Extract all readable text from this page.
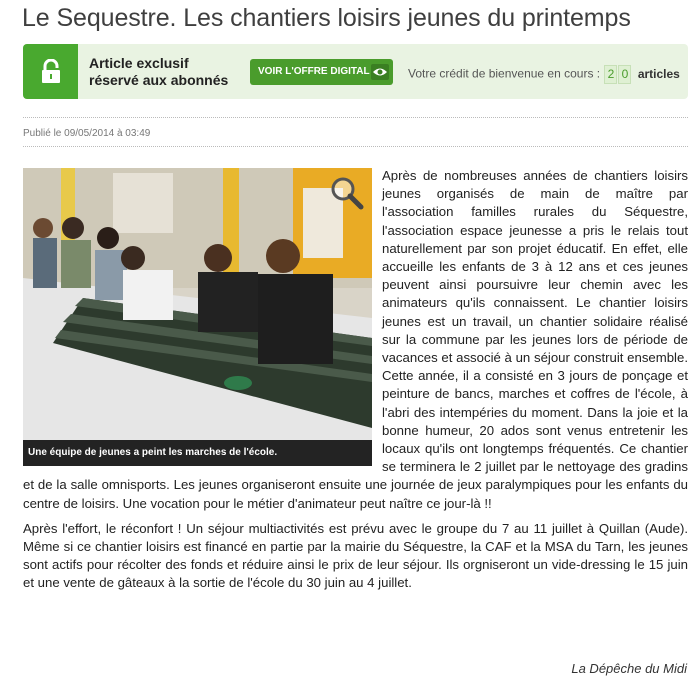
Le Sequestre. Les chantiers loisirs jeunes du printemps
Article exclusif
réservé aux abonnés
VOIR L'OFFRE DIGITAL	Votre crédit de bienvenue en cours : 2 0 articles
Publié le 09/05/2014 à 03:49
Une équipe de jeunes a peint les marches de l'école.

Après de nombreuses années de chantiers loisirs jeunes organisés de main de maître par l'association familles rurales du Séquestre, l'association espace jeunesse a pris le relais tout naturellement par son projet éducatif. En effet, elle accueille les enfants de 3 à 12 ans et ces jeunes peuvent ainsi poursuivre leur chemin avec les animateurs qu'ils connaissent. Le chantier loisirs jeunes est un travail, un chantier solidaire réalisé sur la commune par les jeunes lors de période de vacances et associé à un séjour construit ensemble. Cette année, il a consisté en 3 jours de ponçage et peinture de bancs, marches et coffres de l'école, à l'abri des intempéries du moment. Dans la joie et la bonne humeur, 20 ados sont venus entretenir les locaux qu'ils ont longtemps fréquentés. Ce chantier se terminera le 2 juillet par le nettoyage des gradins et de la salle omnisports. Les jeunes organiseront ensuite une journée de jeux paralympiques pour les enfants du centre de loisirs. Une vocation pour le métier d'animateur peut naître ce jour-là !!

Après l'effort, le réconfort ! Un séjour multiactivités est prévu avec le groupe du 7 au 11 juillet à Quillan (Aude). Même si ce chantier loisirs est financé en partie par la mairie du Séquestre, la CAF et la MSA du Tarn, les jeunes sont actifs pour récolter des fonds et réduire ainsi le prix de leur séjour. Ils orgniseront un vide-dressing le 15 juin et une vente de gâteaux à la sortie de l'école du 30 juin au 4 juillet.

La Dépêche du Midi
